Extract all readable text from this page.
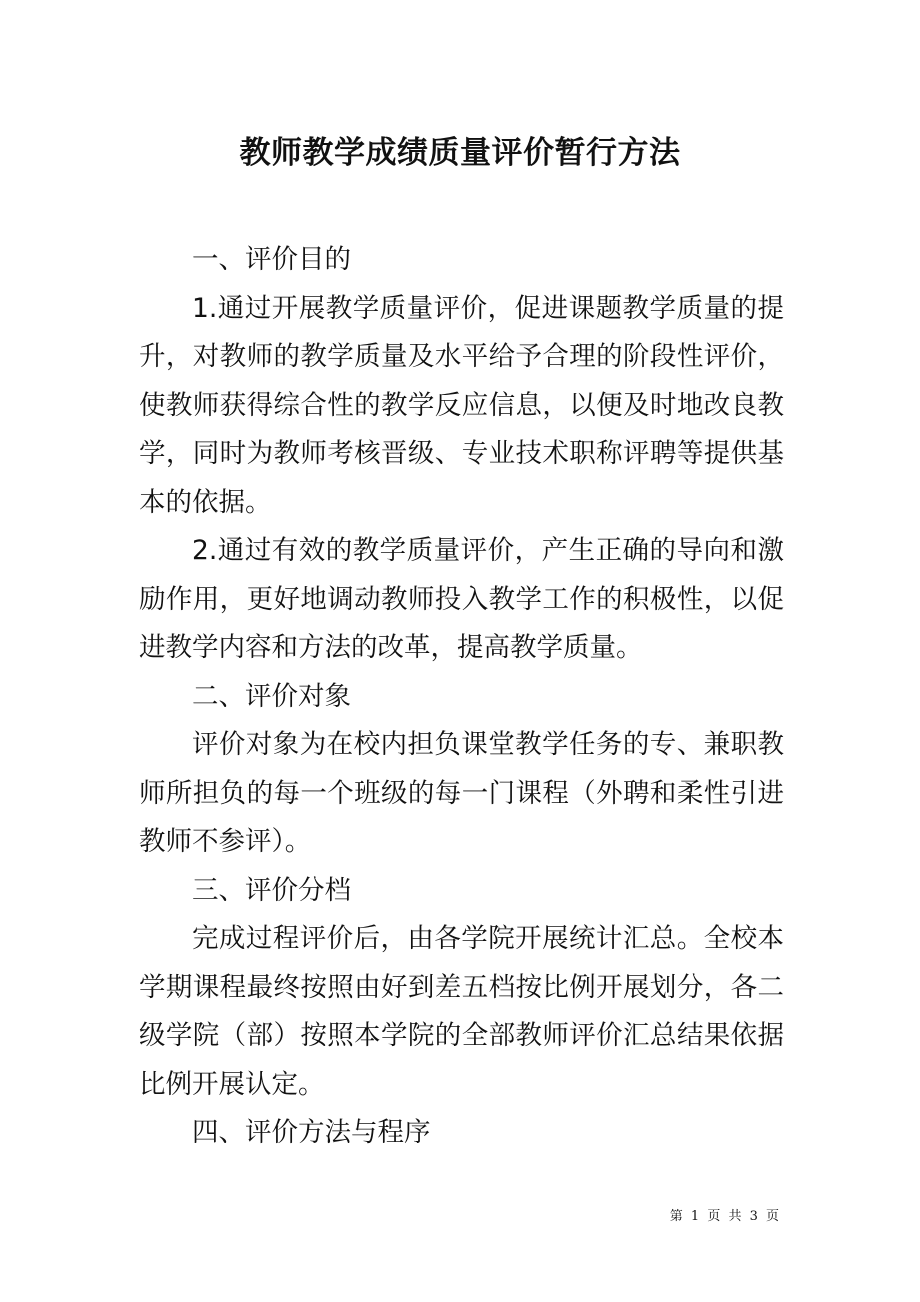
教师教学成绩质量评价暂行方法

一、评价目的

1.通过开展教学质量评价，促进课题教学质量的提升，对教师的教学质量及水平给予合理的阶段性评价，使教师获得综合性的教学反应信息，以便及时地改良教学，同时为教师考核晋级、专业技术职称评聘等提供基本的依据。

2.通过有效的教学质量评价，产生正确的导向和激励作用，更好地调动教师投入教学工作的积极性，以促进教学内容和方法的改革，提高教学质量。

二、评价对象

评价对象为在校内担负课堂教学任务的专、兼职教师所担负的每一个班级的每一门课程（外聘和柔性引进教师不参评）。

三、评价分档

完成过程评价后，由各学院开展统计汇总。全校本学期课程最终按照由好到差五档按比例开展划分，各二级学院（部）按照本学院的全部教师评价汇总结果依据比例开展认定。

四、评价方法与程序

第 1 页 共 3 页
